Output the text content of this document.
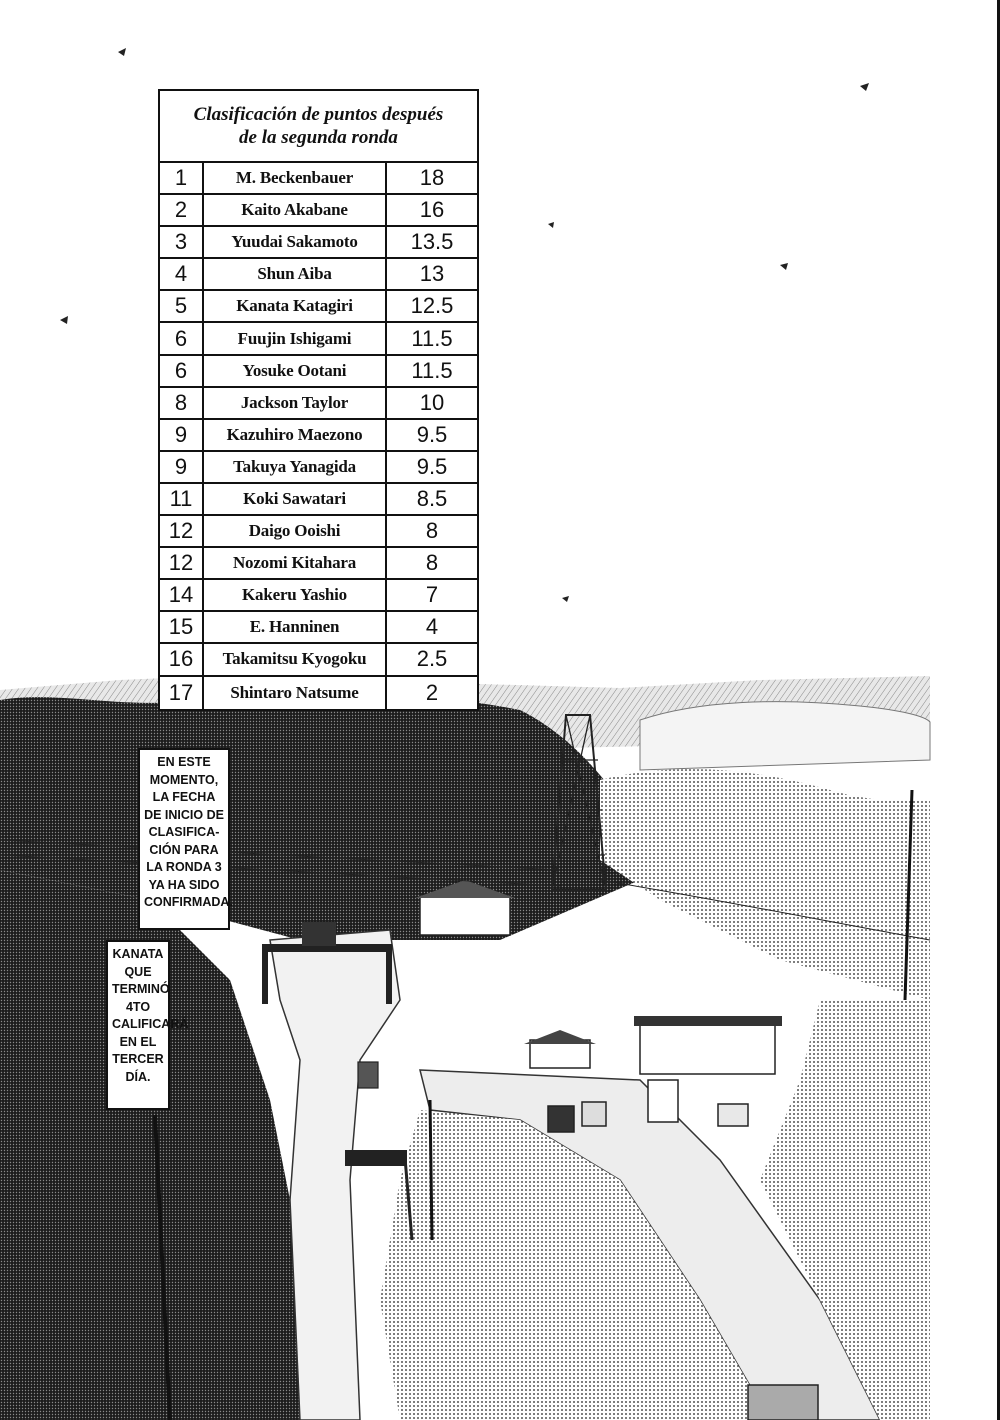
Clasificación de puntos después de la segunda ronda
1	M. Beckenbauer	18
2	Kaito Akabane	16
3	Yuudai Sakamoto	13.5
4	Shun Aiba	13
5	Kanata Katagiri	12.5
6	Fuujin Ishigami	11.5
6	Yosuke Ootani	11.5
8	Jackson Taylor	10
9	Kazuhiro Maezono	9.5
9	Takuya Yanagida	9.5
11	Koki Sawatari	8.5
12	Daigo Ooishi	8
12	Nozomi Kitahara	8
14	Kakeru Yashio	7
15	E. Hanninen	4
16	Takamitsu Kyogoku	2.5
17	Shintaro Natsume	2
EN ESTE MOMENTO, LA FECHA DE INICIO DE CLASIFICA- CIÓN PARA LA RONDA 3 YA HA SIDO CONFIRMADA.
KANATA QUE TERMINÓ 4TO CALIFICARÁ EN EL TERCER DÍA.
